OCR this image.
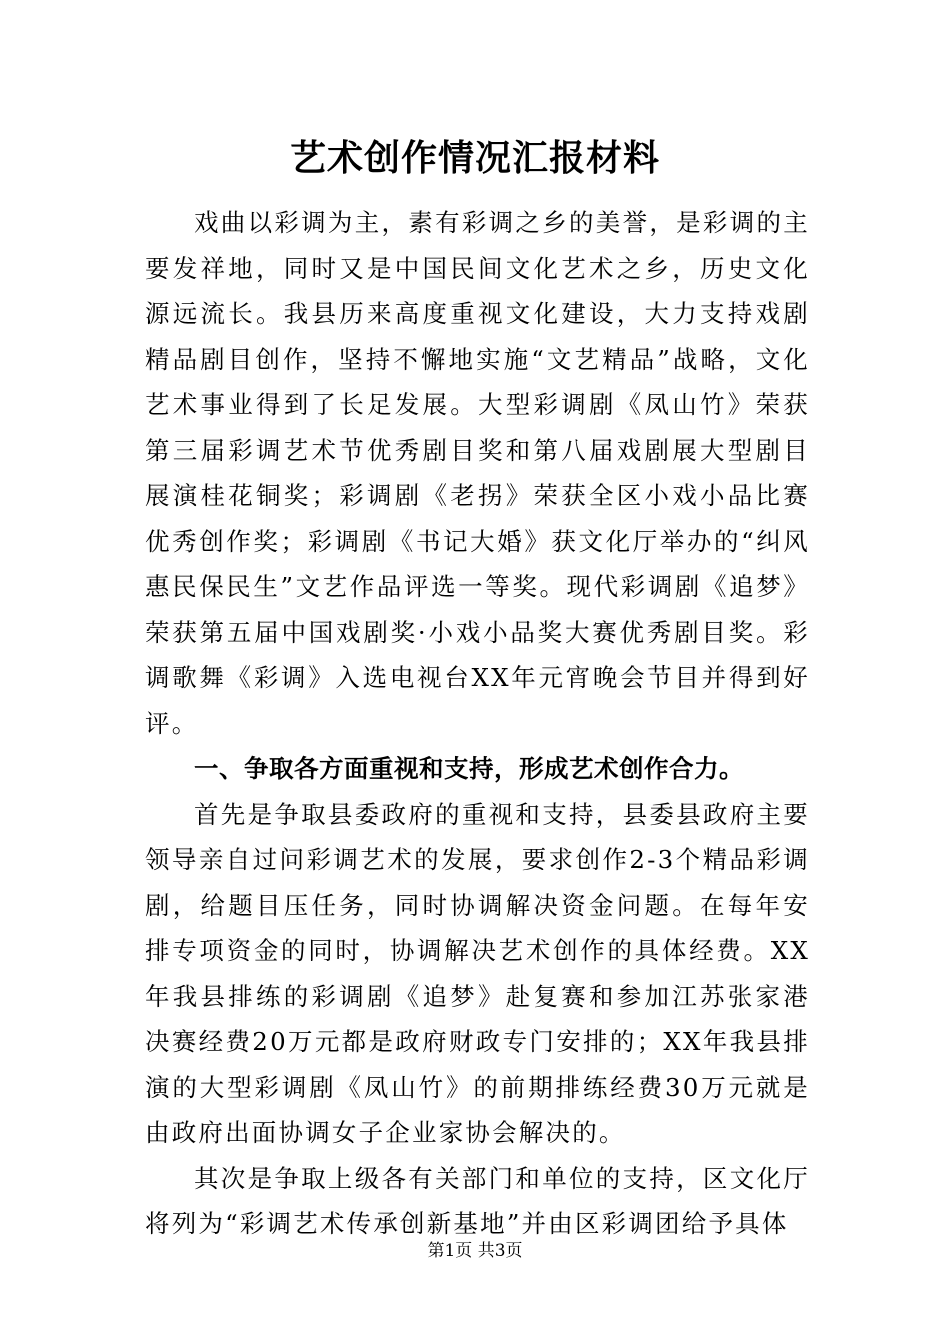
艺术创作情况汇报材料

戏曲以彩调为主，素有彩调之乡的美誉，是彩调的主要发祥地，同时又是中国民间文化艺术之乡，历史文化源远流长。我县历来高度重视文化建设，大力支持戏剧精品剧目创作，坚持不懈地实施“文艺精品”战略，文化艺术事业得到了长足发展。大型彩调剧《凤山竹》荣获第三届彩调艺术节优秀剧目奖和第八届戏剧展大型剧目展演桂花铜奖；彩调剧《老拐》荣获全区小戏小品比赛优秀创作奖；彩调剧《书记大婚》获文化厅举办的“纠风惠民保民生”文艺作品评选一等奖。现代彩调剧《追梦》荣获第五届中国戏剧奖·小戏小品奖大赛优秀剧目奖。彩调歌舞《彩调》入选电视台XX年元宵晚会节目并得到好评。

一、争取各方面重视和支持，形成艺术创作合力。

首先是争取县委政府的重视和支持，县委县政府主要领导亲自过问彩调艺术的发展，要求创作2-3个精品彩调剧，给题目压任务，同时协调解决资金问题。在每年安排专项资金的同时，协调解决艺术创作的具体经费。XX年我县排练的彩调剧《追梦》赴复赛和参加江苏张家港决赛经费20万元都是政府财政专门安排的；XX年我县排演的大型彩调剧《凤山竹》的前期排练经费30万元就是由政府出面协调女子企业家协会解决的。

其次是争取上级各有关部门和单位的支持，区文化厅将列为“彩调艺术传承创新基地”并由区彩调团给予具体

第1页 共3页
